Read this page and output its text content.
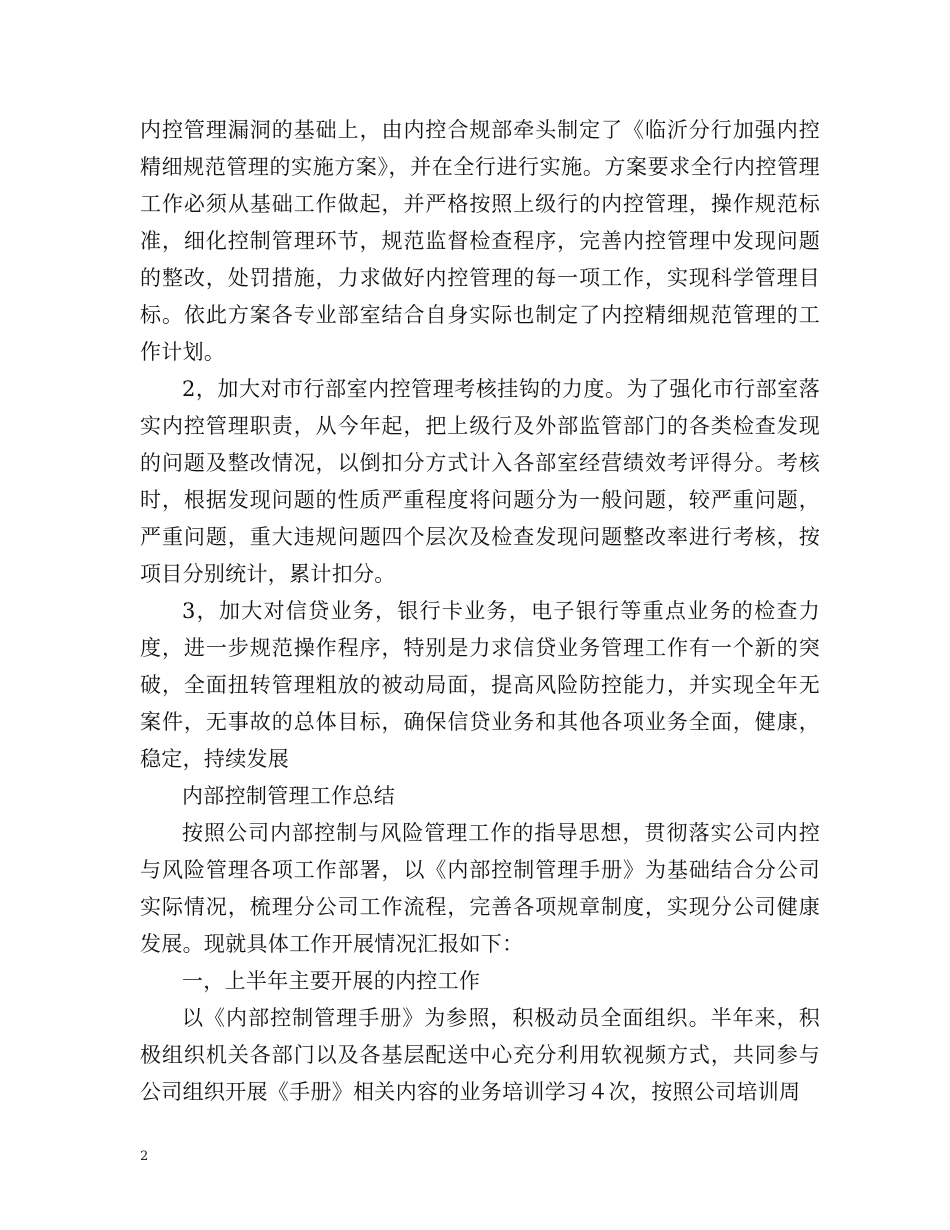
内控管理漏洞的基础上，由内控合规部牵头制定了《临沂分行加强内控精细规范管理的实施方案》，并在全行进行实施。方案要求全行内控管理工作必须从基础工作做起，并严格按照上级行的内控管理，操作规范标准，细化控制管理环节，规范监督检查程序，完善内控管理中发现问题的整改，处罚措施，力求做好内控管理的每一项工作，实现科学管理目标。依此方案各专业部室结合自身实际也制定了内控精细规范管理的工作计划。

2，加大对市行部室内控管理考核挂钩的力度。为了强化市行部室落实内控管理职责，从今年起，把上级行及外部监管部门的各类检查发现的问题及整改情况，以倒扣分方式计入各部室经营绩效考评得分。考核时，根据发现问题的性质严重程度将问题分为一般问题，较严重问题，严重问题，重大违规问题四个层次及检查发现问题整改率进行考核，按项目分别统计，累计扣分。

3，加大对信贷业务，银行卡业务，电子银行等重点业务的检查力度，进一步规范操作程序，特别是力求信贷业务管理工作有一个新的突破，全面扭转管理粗放的被动局面，提高风险防控能力，并实现全年无案件，无事故的总体目标，确保信贷业务和其他各项业务全面，健康，稳定，持续发展

内部控制管理工作总结

按照公司内部控制与风险管理工作的指导思想，贯彻落实公司内控与风险管理各项工作部署，以《内部控制管理手册》为基础结合分公司实际情况，梳理分公司工作流程，完善各项规章制度，实现分公司健康发展。现就具体工作开展情况汇报如下：

一，上半年主要开展的内控工作

以《内部控制管理手册》为参照，积极动员全面组织。半年来，积极组织机关各部门以及各基层配送中心充分利用软视频方式，共同参与公司组织开展《手册》相关内容的业务培训学习４次，按照公司培训周

2
